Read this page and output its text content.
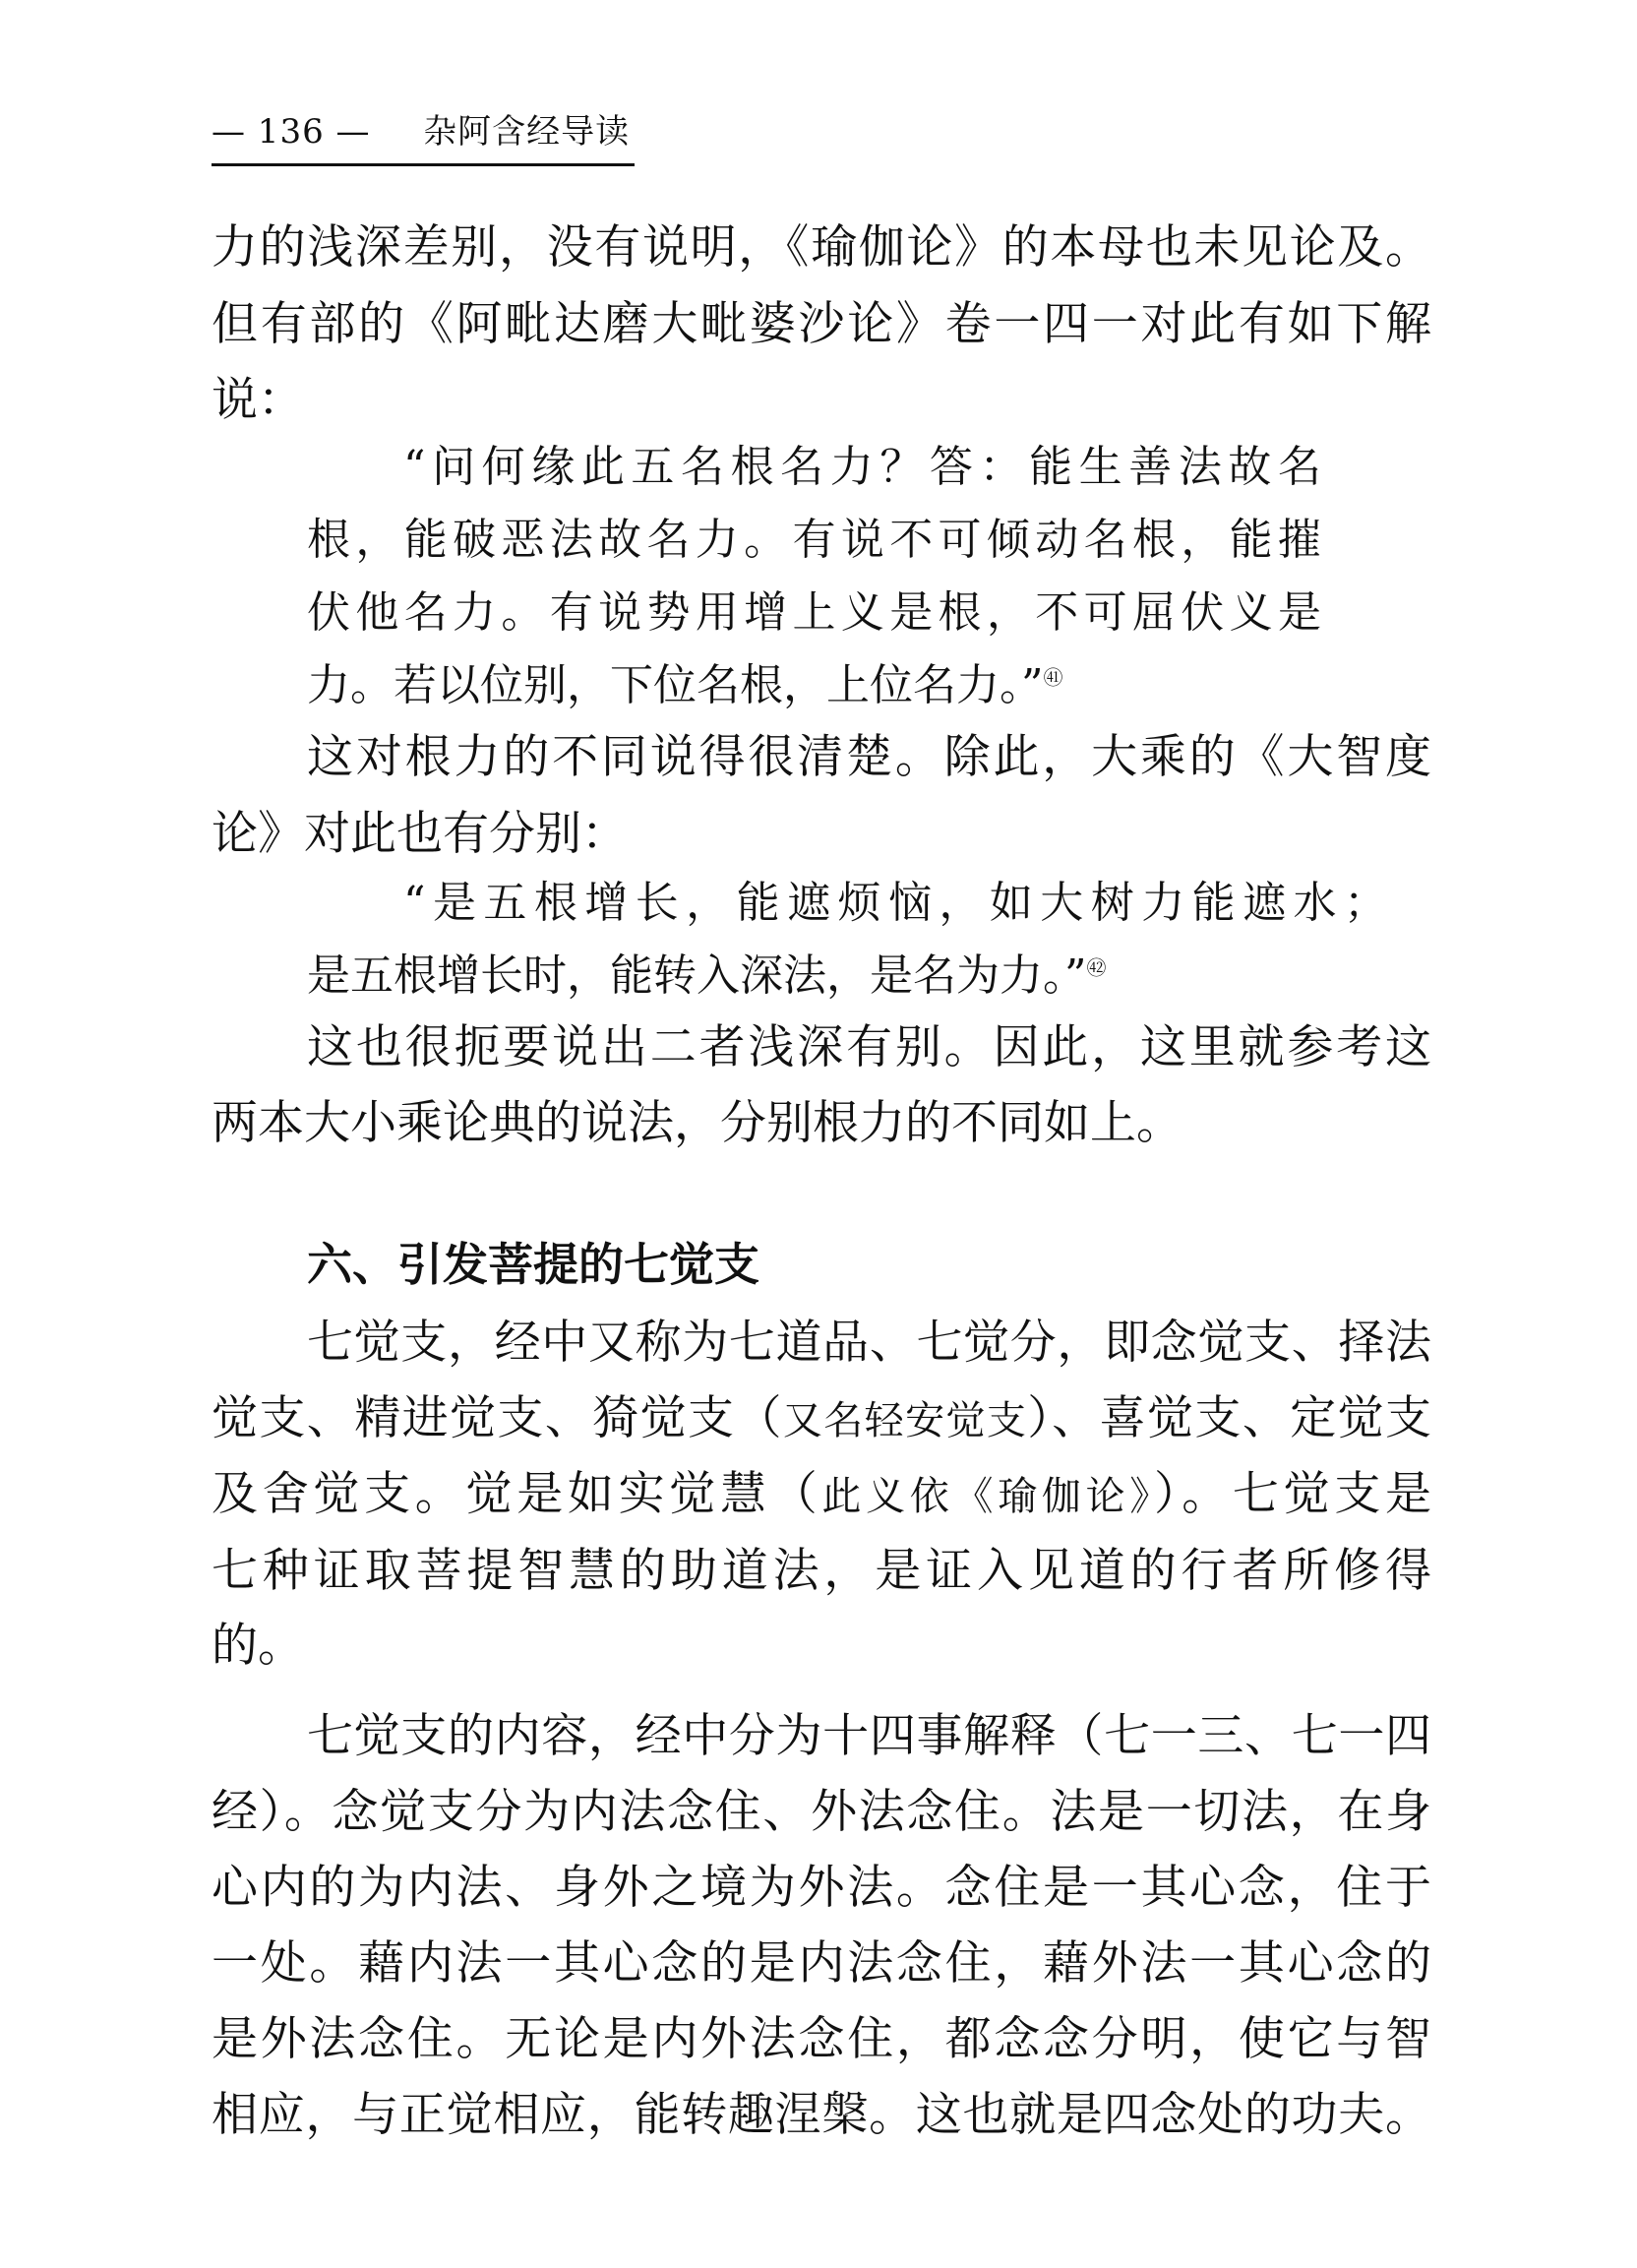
— 136 — 杂阿含经导读
力的浅深差别，没有说明，《瑜伽论》的本母也未见论及。
但有部的《阿毗达磨大毗婆沙论》卷一四一对此有如下解
说：
“问何缘此五名根名力？答：能生善法故名
根，能破恶法故名力。有说不可倾动名根，能摧
伏他名力。有说势用增上义是根，不可屈伏义是
力。若以位别，下位名根，上位名力。”$^㊶$
这对根力的不同说得很清楚。除此，大乘的《大智度
论》对此也有分别：
“是五根增长，能遮烦恼，如大树力能遮水；
是五根增长时，能转入深法，是名为力。”$^㊷$
这也很扼要说出二者浅深有别。因此，这里就参考这
两本大小乘论典的说法，分别根力的不同如上。
六、引发菩提的七觉支
七觉支，经中又称为七道品、七觉分，即念觉支、择法
觉支、精进觉支、猗觉支（又名轻安觉支）、喜觉支、定觉支
及舍觉支。觉是如实觉慧（此义依《瑜伽论》）。七觉支是
七种证取菩提智慧的助道法，是证入见道的行者所修得
的。
七觉支的内容，经中分为十四事解释（七一三、七一四
经）。念觉支分为内法念住、外法念住。法是一切法，在身
心内的为内法、身外之境为外法。念住是一其心念，住于
一处。藉内法一其心念的是内法念住，藉外法一其心念的
是外法念住。无论是内外法念住，都念念分明，使它与智
相应，与正觉相应，能转趣涅槃。这也就是四念处的功夫。
